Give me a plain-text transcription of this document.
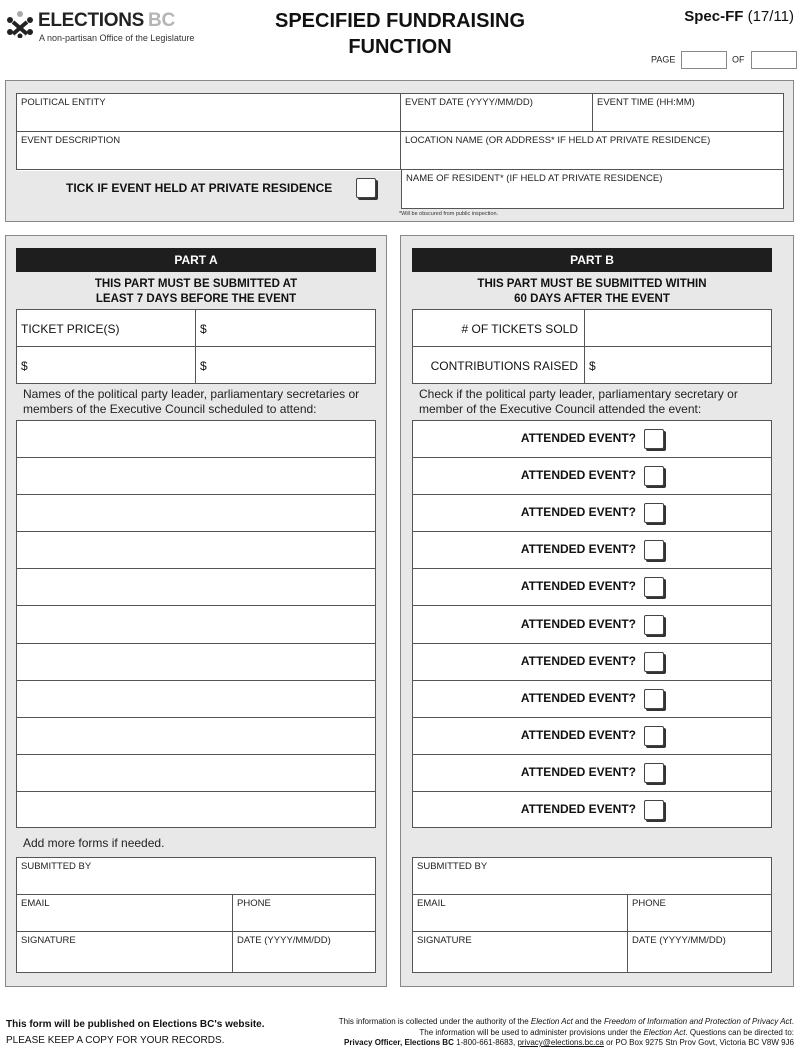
ELECTIONS BC
A non-partisan Office of the Legislature
SPECIFIED FUNDRAISING
FUNCTION
Spec-FF (17/11)
PAGE	OF
POLITICAL ENTITY	EVENT DATE (YYYY/MM/DD)	EVENT TIME (HH:MM)
EVENT DESCRIPTION	LOCATION NAME (OR ADDRESS* IF HELD AT PRIVATE RESIDENCE)
NAME OF RESIDENT* (IF HELD AT PRIVATE RESIDENCE)
TICK IF EVENT HELD AT PRIVATE RESIDENCE
*Will be obscured from public inspection.
PART A
THIS PART MUST BE SUBMITTED AT
LEAST 7 DAYS BEFORE THE EVENT
TICKET PRICE(S)	$
$	$
Names of the political party leader, parliamentary secretaries or
members of the Executive Council scheduled to attend:
Add more forms if needed.
SUBMITTED BY
EMAIL	PHONE
SIGNATURE	DATE (YYYY/MM/DD)
PART B
THIS PART MUST BE SUBMITTED WITHIN
60 DAYS AFTER THE EVENT
# OF TICKETS SOLD
CONTRIBUTIONS RAISED $
Check if the political party leader, parliamentary secretary or
member of the Executive Council attended the event:
ATTENDED EVENT?
ATTENDED EVENT?
ATTENDED EVENT?
ATTENDED EVENT?
ATTENDED EVENT?
ATTENDED EVENT?
ATTENDED EVENT?
ATTENDED EVENT?
ATTENDED EVENT?
ATTENDED EVENT?
ATTENDED EVENT?
SUBMITTED BY
EMAIL	PHONE
SIGNATURE	DATE (YYYY/MM/DD)
This form will be published on Elections BC's website.
PLEASE KEEP A COPY FOR YOUR RECORDS.
This information is collected under the authority of the Election Act and the Freedom of Information and Protection of Privacy Act.
The information will be used to administer provisions under the Election Act. Questions can be directed to:
Privacy Officer, Elections BC 1-800-661-8683, privacy@elections.bc.ca or PO Box 9275 Stn Prov Govt, Victoria BC V8W 9J6
